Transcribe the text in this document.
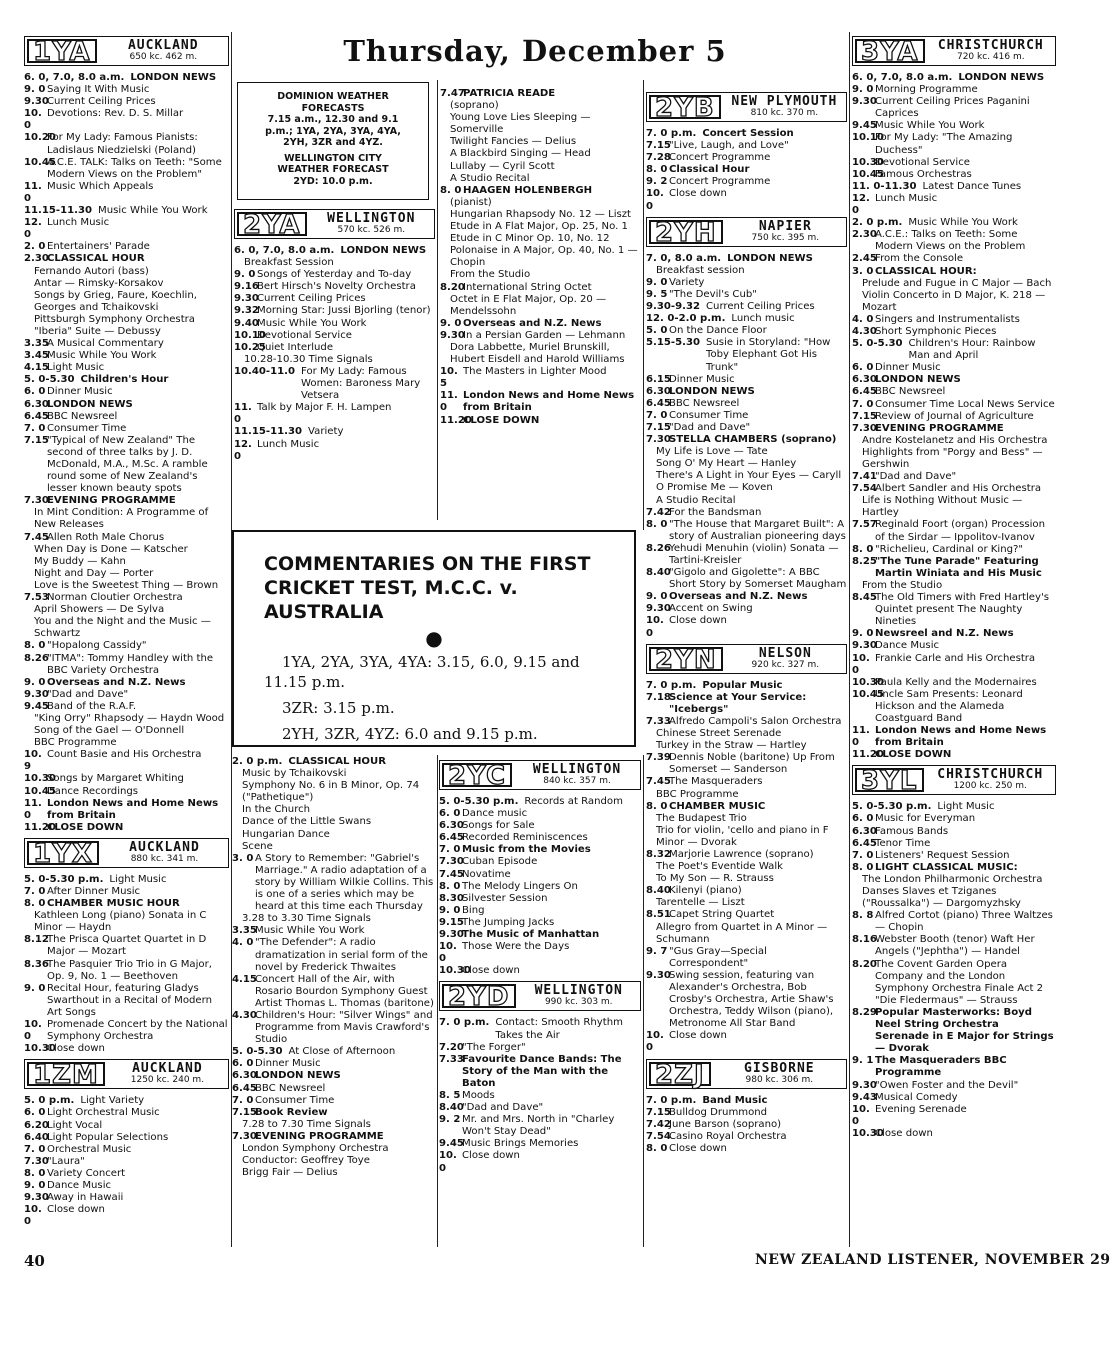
Thursday, December 5
1YA	AUCKLAND
650 kc. 462 m.
6. 0, 7.0, 8.0 a.m. LONDON NEWS
9. 0 Saying It With Music
9.30
Current Ceiling Prices
10. 0
Devotions: Rev. D. S. Millar
10.20
For My Lady: Famous Pianists: Ladislaus Niedzielski (Poland)
10.45
A.C.E. TALK: Talks on Teeth: "Some Modern Views on the Problem"
11. 0
Music Which Appeals
11.15-11.30 Music While You Work
12. 0
Lunch Music
2. 0 Entertainers' Parade
2.30
CLASSICAL HOUR
Fernando Autori (bass)
Antar — Rimsky-Korsakov
Songs by Grieg, Faure, Koechlin, Georges and Tchaikovski
Pittsburgh Symphony Orchestra "Iberia" Suite — Debussy
3.35
A Musical Commentary
3.45
Music While You Work
4.15
Light Music
5. 0-5.30 Children's Hour
6. 0 Dinner Music
6.30
LONDON NEWS
6.45
BBC Newsreel
7. 0 Consumer Time
7.15
"Typical of New Zealand" The second of three talks by J. D. McDonald, M.A., M.Sc. A ramble round some of New Zealand's lesser known beauty spots
7.30
EVENING PROGRAMME
In Mint Condition: A Programme of New Releases
7.45
Allen Roth Male Chorus
When Day is Done — Katscher
My Buddy — Kahn
Night and Day — Porter
Love is the Sweetest Thing — Brown
7.53
Norman Cloutier Orchestra
April Showers — De Sylva
You and the Night and the Music — Schwartz
8. 0 "Hopalong Cassidy"
8.26
"ITMA": Tommy Handley with the BBC Variety Orchestra
9. 0 Overseas and N.Z. News
9.30
"Dad and Dave"
9.45
Band of the R.A.F.
"King Orry" Rhapsody — Haydn Wood
Song of the Gael — O'Donnell
BBC Programme
10. 9
Count Basie and His Orchestra
10.30
Songs by Margaret Whiting
10.45
Dance Recordings
11. 0
London News and Home News from Britain
11.20
CLOSE DOWN
1YX	AUCKLAND
880 kc. 341 m.
5. 0-5.30 p.m. Light Music
7. 0 After Dinner Music
8. 0 CHAMBER MUSIC HOUR
Kathleen Long (piano) Sonata in C Minor — Haydn
8.12
The Prisca Quartet Quartet in D Major — Mozart
8.36
The Pasquier Trio Trio in G Major, Op. 9, No. 1 — Beethoven
9. 0 Recital Hour, featuring Gladys Swarthout in a Recital of Modern Art Songs
10. 0
Promenade Concert by the National Symphony Orchestra
10.30
Close down
1ZM	AUCKLAND
1250 kc. 240 m.
5. 0 p.m. Light Variety
6. 0 Light Orchestral Music
6.20
Light Vocal
6.40
Light Popular Selections
7. 0 Orchestral Music
7.30
"Laura"
8. 0 Variety Concert
9. 0 Dance Music
9.30
Away in Hawaii
10. 0
Close down
DOMINION WEATHER
FORECASTS
7.15 a.m., 12.30 and 9.1
p.m.; 1YA, 2YA, 3YA, 4YA,
2YH, 3ZR and 4YZ.
WELLINGTON CITY
WEATHER FORECAST
2YD: 10.0 p.m.
2YA	WELLINGTON
570 kc. 526 m.
6. 0, 7.0, 8.0 a.m. LONDON NEWS
Breakfast Session
9. 0 Songs of Yesterday and To-day
9.16
Bert Hirsch's Novelty Orchestra
9.30
Current Ceiling Prices
9.32
Morning Star: Jussi Bjorling (tenor)
9.40
Music While You Work
10.10
Devotional Service
10.25
Quiet Interlude
10.28-10.30 Time Signals
10.40-11.0 For My Lady: Famous Women: Baroness Mary Vetsera
11. 0
Talk by Major F. H. Lampen
11.15-11.30 Variety
12. 0
Lunch Music
7.47
PATRICIA READE
(soprano)
Young Love Lies Sleeping — Somerville
Twilight Fancies — Delius
A Blackbird Singing — Head
Lullaby — Cyril Scott
A Studio Recital
8. 0 HAAGEN HOLENBERGH
(pianist)
Hungarian Rhapsody No. 12 — Liszt
Etude in A Flat Major, Op. 25, No. 1
Etude in C Minor Op. 10, No. 12
Polonaise in A Major, Op. 40, No. 1 — Chopin
From the Studio
8.20
International String Octet
Octet in E Flat Major, Op. 20 — Mendelssohn
9. 0 Overseas and N.Z. News
9.30
In a Persian Garden — Lehmann
Dora Labbette, Muriel Brunskill, Hubert Eisdell and Harold Williams
10. 5
The Masters in Lighter Mood
11. 0
London News and Home News from Britain
11.20
CLOSE DOWN
COMMENTARIES ON THE FIRST
CRICKET TEST, M.C.C. v. AUSTRALIA
●
1YA, 2YA, 3YA, 4YA: 3.15, 6.0, 9.15 and
11.15 p.m.
3ZR: 3.15 p.m.
2YH, 3ZR, 4YZ: 6.0 and 9.15 p.m.
2. 0 p.m. CLASSICAL HOUR
Music by Tchaikovski
Symphony No. 6 in B Minor, Op. 74 ("Pathetique")
In the Church
Dance of the Little Swans
Hungarian Dance
Scene
3. 0 A Story to Remember: "Gabriel's Marriage." A radio adaptation of a story by William Wilkie Collins. This is one of a series which may be heard at this time each Thursday
3.28 to 3.30 Time Signals
3.35
Music While You Work
4. 0 "The Defender": A radio dramatization in serial form of the novel by Frederick Thwaites
4.15
Concert Hall of the Air, with Rosario Bourdon Symphony Guest Artist Thomas L. Thomas (baritone)
4.30
Children's Hour: "Silver Wings" and Programme from Mavis Crawford's Studio
5. 0-5.30 At Close of Afternoon
6. 0 Dinner Music
6.30
LONDON NEWS
6.45
BBC Newsreel
7. 0 Consumer Time
7.15
Book Review
7.28 to 7.30 Time Signals
7.30
EVENING PROGRAMME
London Symphony Orchestra Conductor: Geoffrey Toye
Brigg Fair — Delius
2YC	WELLINGTON
840 kc. 357 m.
5. 0-5.30 p.m. Records at Random
6. 0 Dance music
6.30
Songs for Sale
6.45
Recorded Reminiscences
7. 0 Music from the Movies
7.30
Cuban Episode
7.45
Novatime
8. 0 The Melody Lingers On
8.30
Silvester Session
9. 0 Bing
9.15
The Jumping Jacks
9.30
The Music of Manhattan
10. 0
Those Were the Days
10.30
Close down
2YD	WELLINGTON
990 kc. 303 m.
7. 0 p.m. Contact: Smooth Rhythm Takes the Air
7.20
"The Forger"
7.33
Favourite Dance Bands: The Story of the Man with the Baton
8. 5 Moods
8.40
"Dad and Dave"
9. 2 Mr. and Mrs. North in "Charley Won't Stay Dead"
9.45
Music Brings Memories
10. 0
Close down
2YB	NEW PLYMOUTH
810 kc. 370 m.
7. 0 p.m. Concert Session
7.15
"Live, Laugh, and Love"
7.28
Concert Programme
8. 0 Classical Hour
9. 2 Concert Programme
10. 0
Close down
2YH	NAPIER
750 kc. 395 m.
7. 0, 8.0 a.m. LONDON NEWS
Breakfast session
9. 0 Variety
9. 5 "The Devil's Cub"
9.30-9.32 Current Ceiling Prices
12. 0-2.0 p.m. Lunch music
5. 0 On the Dance Floor
5.15-5.30 Susie in Storyland: "How Toby Elephant Got His Trunk"
6.15
Dinner Music
6.30
LONDON NEWS
6.45
BBC Newsreel
7. 0 Consumer Time
7.15
"Dad and Dave"
7.30
STELLA CHAMBERS (soprano)
My Life is Love — Tate
Song O' My Heart — Hanley
There's A Light in Your Eyes — Caryll
O Promise Me — Koven
A Studio Recital
7.42
For the Bandsman
8. 0 "The House that Margaret Built": A story of Australian pioneering days
8.26
Yehudi Menuhin (violin) Sonata — Tartini-Kreisler
8.40
"Gigolo and Gigolette": A BBC Short Story by Somerset Maugham
9. 0 Overseas and N.Z. News
9.30
Accent on Swing
10. 0
Close down
2YN	NELSON
920 kc. 327 m.
7. 0 p.m. Popular Music
7.18
Science at Your Service: "Icebergs"
7.33
Alfredo Campoli's Salon Orchestra
Chinese Street Serenade
Turkey in the Straw — Hartley
7.39
Dennis Noble (baritone) Up From Somerset — Sanderson
7.45
The Masqueraders
BBC Programme
8. 0 CHAMBER MUSIC
The Budapest Trio
Trio for violin, 'cello and piano in F Minor — Dvorak
8.32
Marjorie Lawrence (soprano)
The Poet's Eventide Walk
To My Son — R. Strauss
8.40
Kilenyi (piano)
Tarentelle — Liszt
8.51
Capet String Quartet
Allegro from Quartet in A Minor — Schumann
9. 7 "Gus Gray—Special Correspondent"
9.30
Swing session, featuring van Alexander's Orchestra, Bob Crosby's Orchestra, Artie Shaw's Orchestra, Teddy Wilson (piano), Metronome All Star Band
10. 0
Close down
2ZJ	GISBORNE
980 kc. 306 m.
7. 0 p.m. Band Music
7.15
Bulldog Drummond
7.42
June Barson (soprano)
7.54
Casino Royal Orchestra
8. 0 Close down
3YA	CHRISTCHURCH
720 kc. 416 m.
6. 0, 7.0, 8.0 a.m. LONDON NEWS
9. 0 Morning Programme
9.30
Current Ceiling Prices Paganini Caprices
9.45
Music While You Work
10.10
For My Lady: "The Amazing Duchess"
10.30
Devotional Service
10.45
Famous Orchestras
11. 0-11.30 Latest Dance Tunes
12. 0
Lunch Music
2. 0 p.m. Music While You Work
2.30
A.C.E.: Talks on Teeth: Some Modern Views on the Problem
2.45
From the Console
3. 0 CLASSICAL HOUR:
Prelude and Fugue in C Major — Bach
Violin Concerto in D Major, K. 218 — Mozart
4. 0 Singers and Instrumentalists
4.30
Short Symphonic Pieces
5. 0-5.30 Children's Hour: Rainbow Man and April
6. 0 Dinner Music
6.30
LONDON NEWS
6.45
BBC Newsreel
7. 0 Consumer Time Local News Service
7.15
Review of Journal of Agriculture
7.30
EVENING PROGRAMME
Andre Kostelanetz and His Orchestra
Highlights from "Porgy and Bess" — Gershwin
7.41
"Dad and Dave"
7.54
Albert Sandler and His Orchestra
Life is Nothing Without Music — Hartley
7.57
Reginald Foort (organ) Procession of the Sirdar — Ippolitov-Ivanov
8. 0 "Richelieu, Cardinal or King?"
8.25
"The Tune Parade" Featuring Martin Winiata and His Music
From the Studio
8.45
The Old Timers with Fred Hartley's Quintet present The Naughty Nineties
9. 0 Newsreel and N.Z. News
9.30
Dance Music
10. 0
Frankie Carle and His Orchestra
10.30
Paula Kelly and the Modernaires
10.45
Uncle Sam Presents: Leonard Hickson and the Alameda Coastguard Band
11. 0
London News and Home News from Britain
11.20
CLOSE DOWN
3YL	CHRISTCHURCH
1200 kc. 250 m.
5. 0-5.30 p.m. Light Music
6. 0 Music for Everyman
6.30
Famous Bands
6.45
Tenor Time
7. 0 Listeners' Request Session
8. 0 LIGHT CLASSICAL MUSIC:
The London Philharmonic Orchestra
Danses Slaves et Tziganes ("Roussalka") — Dargomyzhsky
8. 8 Alfred Cortot (piano) Three Waltzes — Chopin
8.16
Webster Booth (tenor) Waft Her Angels ("Jephtha") — Handel
8.20
The Covent Garden Opera Company and the London Symphony Orchestra Finale Act 2 "Die Fledermaus" — Strauss
8.29
Popular Masterworks: Boyd Neel String Orchestra Serenade in E Major for Strings — Dvorak
9. 1 The Masqueraders BBC Programme
9.30
"Owen Foster and the Devil"
9.43
Musical Comedy
10. 0
Evening Serenade
10.30
Close down
40	NEW ZEALAND LISTENER, NOVEMBER 29
